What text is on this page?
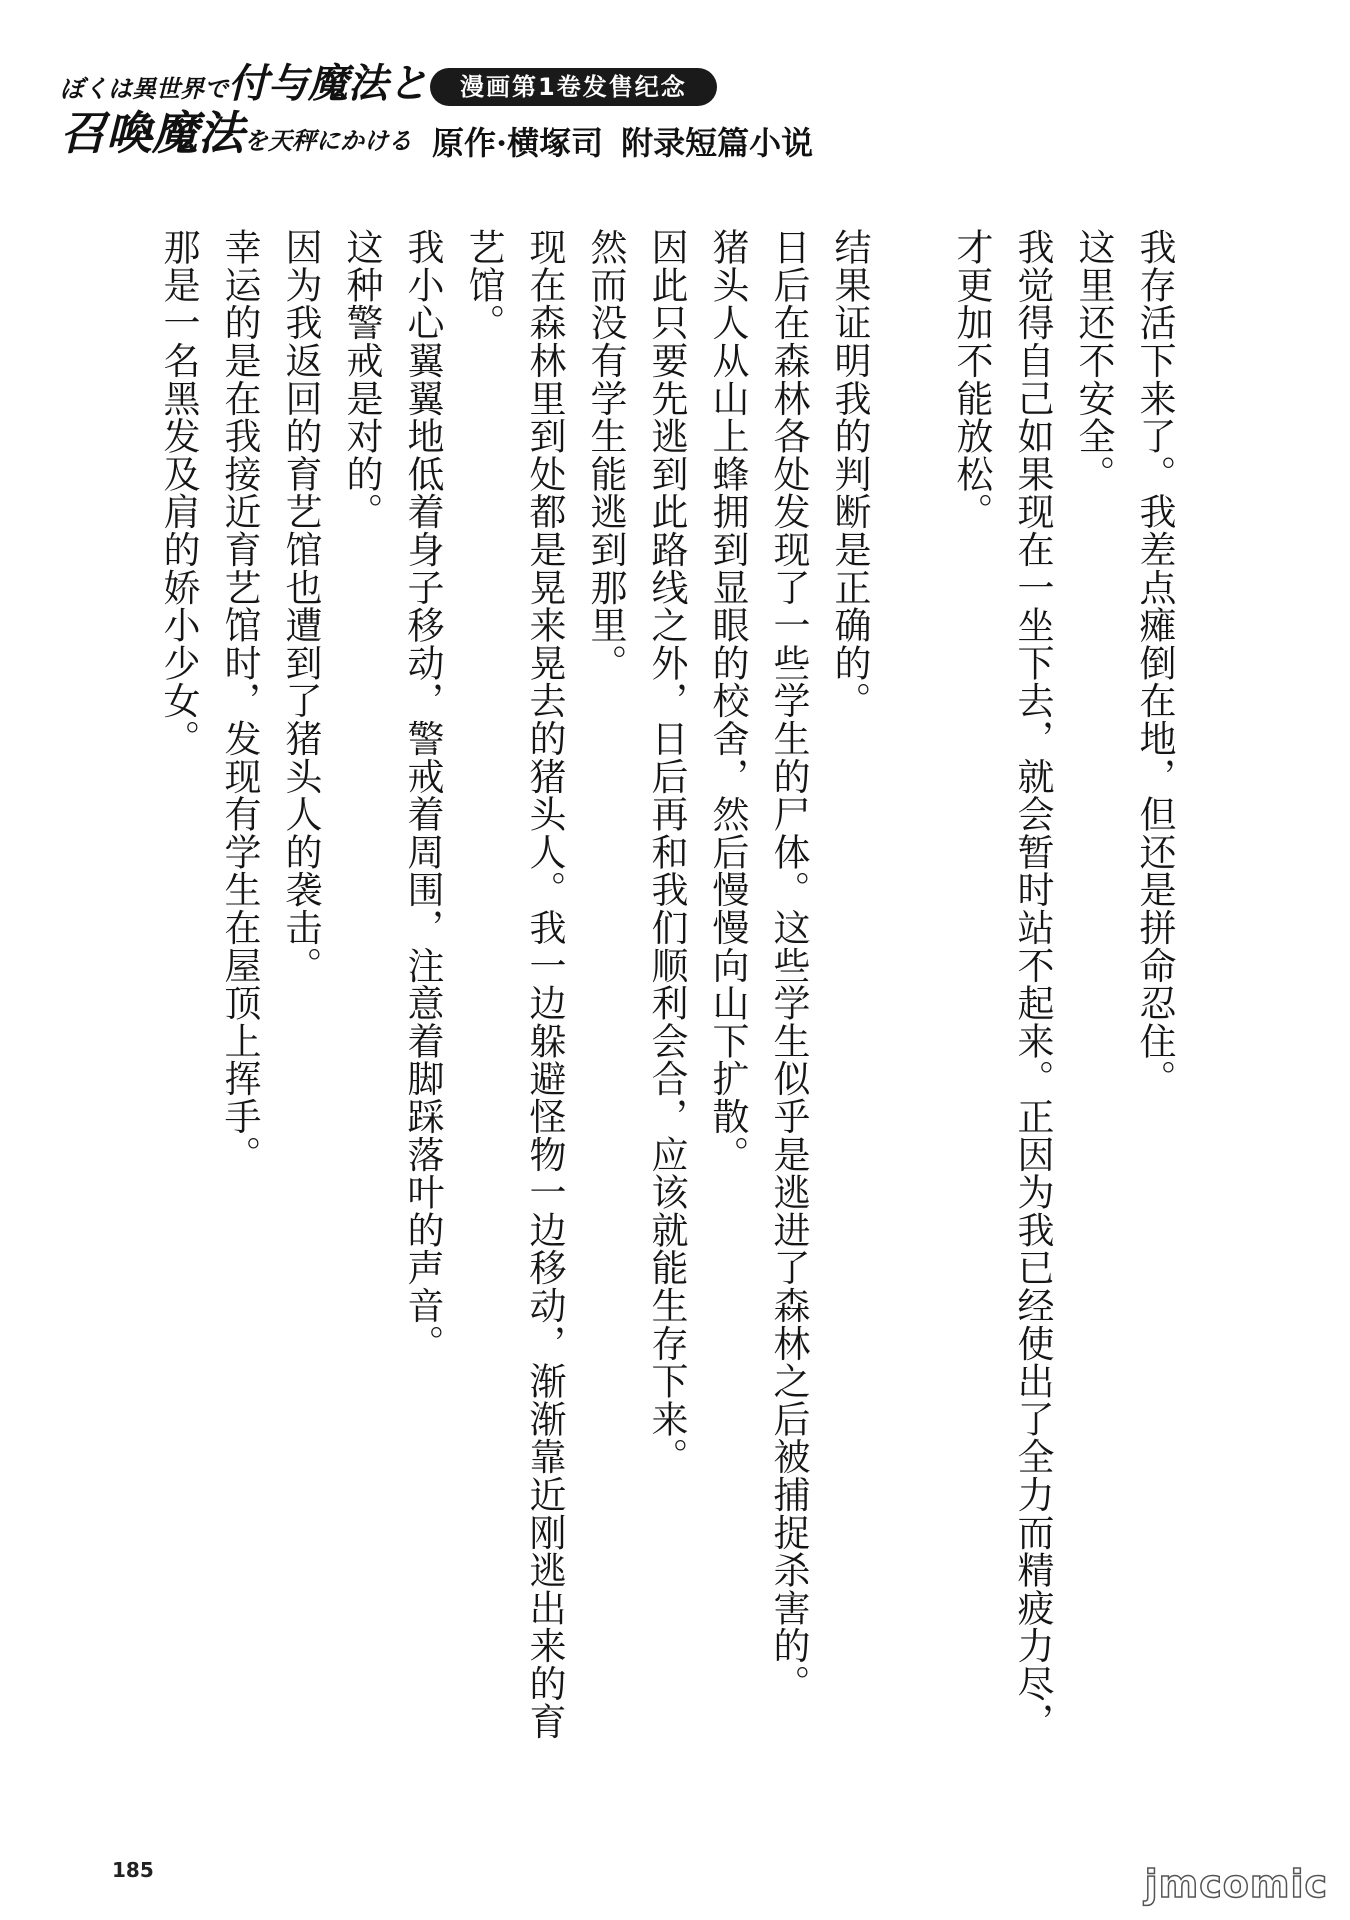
ぼくは異世界で付与魔法と
召喚魔法を天秤にかける
漫画第1卷发售纪念
原作·横塚司 附录短篇小说

我存活下来了。我差点瘫倒在地，但还是拼命忍住。

这里还不安全。

我觉得自己如果现在一坐下去，就会暂时站不起来。正因为我已经使出了全力而精疲力尽，才更加不能放松。

结果证明我的判断是正确的。

日后在森林各处发现了一些学生的尸体。这些学生似乎是逃进了森林之后被捕捉杀害的。

猪头人从山上蜂拥到显眼的校舍，然后慢慢向山下扩散。

因此只要先逃到此路线之外，日后再和我们顺利会合，应该就能生存下来。

然而没有学生能逃到那里。

现在森林里到处都是晃来晃去的猪头人。我一边躲避怪物一边移动，渐渐靠近刚逃出来的育艺馆。

我小心翼翼地低着身子移动，警戒着周围，注意着脚踩落叶的声音。

这种警戒是对的。

因为我返回的育艺馆也遭到了猪头人的袭击。

幸运的是在我接近育艺馆时，发现有学生在屋顶上挥手。

那是一名黑发及肩的娇小少女。

185	jmcomic
